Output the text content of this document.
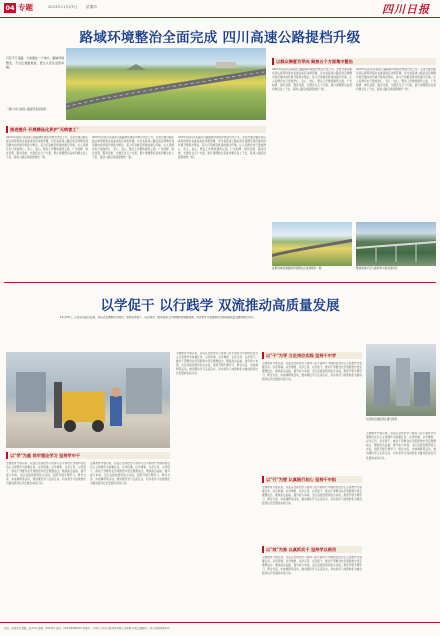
04 专题	2023年11月23日 星期四	四川日报
路域环境整治全面完成 四川高速公路提档升级
只有千万条路，才能通往一个地方。路域环境整治，不仅让道路更美，更让人民生活更幸福。
（图片/四川高速公路建设集团供图）
以群众满意为导向 聚焦五个方面集中整治
2023年是四川省高速公路路域环境集中整治攻坚之年。全省交通运输系统认真贯彻落实省委省政府决策部署，对全省高速公路沿线及两侧可视范围内的环境开展集中整治，着力打造畅安舒美的通行环境，让人民群众出行更加舒心、安心、放心。整治工作聚焦建筑立面、广告标牌、绿化景观、服务设施、交通安全五个方面，累计清理整治各类问题点位上千处，高速公路沿线面貌焕然一新。
2023年是四川省高速公路路域环境集中整治攻坚之年。全省交通运输系统认真贯彻落实省委省政府决策部署，对全省高速公路沿线及两侧可视范围内的环境开展集中整治，着力打造畅安舒美的通行环境，让人民群众出行更加舒心、安心、放心。整治工作聚焦建筑立面、广告标牌、绿化景观、服务设施、交通安全五个方面，累计清理整治各类问题点位上千处，高速公路沿线面貌焕然一新。
推进提升 开展精品化养护"无病害工"
2023年是四川省高速公路路域环境集中整治攻坚之年。全省交通运输系统认真贯彻落实省委省政府决策部署，对全省高速公路沿线及两侧可视范围内的环境开展集中整治，着力打造畅安舒美的通行环境，让人民群众出行更加舒心、安心、放心。整治工作聚焦建筑立面、广告标牌、绿化景观、服务设施、交通安全五个方面，累计清理整治各类问题点位上千处，高速公路沿线面貌焕然一新。
2023年是四川省高速公路路域环境集中整治攻坚之年。全省交通运输系统认真贯彻落实省委省政府决策部署，对全省高速公路沿线及两侧可视范围内的环境开展集中整治，着力打造畅安舒美的通行环境，让人民群众出行更加舒心、安心、放心。整治工作聚焦建筑立面、广告标牌、绿化景观、服务设施、交通安全五个方面，累计清理整治各类问题点位上千处，高速公路沿线面貌焕然一新。
2023年是四川省高速公路路域环境集中整治攻坚之年。全省交通运输系统认真贯彻落实省委省政府决策部署，对全省高速公路沿线及两侧可视范围内的环境开展集中整治，着力打造畅安舒美的通行环境，让人民群众出行更加舒心、安心、放心。整治工作聚焦建筑立面、广告标牌、绿化景观、服务设施、交通安全五个方面，累计清理整治各类问题点位上千处，高速公路沿线面貌焕然一新。
成都绕城高速路域环境整治后景观焕然一新。	雅康高速泸定大渡河特大桥沿线风光
以学促干 以行践学 双流推动高质量发展
11月23日，记者从双流区获悉，该区以主题教育为契机，坚持以学促干、以行践学，推动各项工作取得新进展新成效，切实把学习成果转化为推动高质量发展的强大动力。
以"学"为基 筑牢理论学习 坚持学中干
主题教育开展以来，双流区坚持把学习贯彻习近平新时代中国特色社会主义思想作为首要任务，以学铸魂、以学增智、以学正风、以学促干，推动干部群众在学思践悟中坚定理想信念、锤炼政治品格、提升能力本领。全区各级党组织结合实际，组织开展专题学习、研讨交流、实地调研等活动，推动理论学习走深走实，切实将学习成果转化为推动经济社会发展的实际行动。
主题教育开展以来，双流区坚持把学习贯彻习近平新时代中国特色社会主义思想作为首要任务，以学铸魂、以学增智、以学正风、以学促干，推动干部群众在学思践悟中坚定理想信念、锤炼政治品格、提升能力本领。全区各级党组织结合实际，组织开展专题学习、研讨交流、实地调研等活动，推动理论学习走深走实，切实将学习成果转化为推动经济社会发展的实际行动。
主题教育开展以来，双流区坚持把学习贯彻习近平新时代中国特色社会主义思想作为首要任务，以学铸魂、以学增智、以学正风、以学促干，推动干部群众在学思践悟中坚定理想信念、锤炼政治品格、提升能力本领。全区各级党组织结合实际，组织开展专题学习、研讨交流、实地调研等活动，推动理论学习走深走实，切实将学习成果转化为推动经济社会发展的实际行动。
以"干"为导 立足岗位实践 坚持干中学
主题教育开展以来，双流区坚持把学习贯彻习近平新时代中国特色社会主义思想作为首要任务，以学铸魂、以学增智、以学正风、以学促干，推动干部群众在学思践悟中坚定理想信念、锤炼政治品格、提升能力本领。全区各级党组织结合实际，组织开展专题学习、研讨交流、实地调研等活动，推动理论学习走深走实，切实将学习成果转化为推动经济社会发展的实际行动。
以"行"为要 认真践行初心 坚持干中担
主题教育开展以来，双流区坚持把学习贯彻习近平新时代中国特色社会主义思想作为首要任务，以学铸魂、以学增智、以学正风、以学促干，推动干部群众在学思践悟中坚定理想信念、锤炼政治品格、提升能力本领。全区各级党组织结合实际，组织开展专题学习、研讨交流、实地调研等活动，推动理论学习走深走实，切实将学习成果转化为推动经济社会发展的实际行动。
以"效"为准 以真抓实干 坚持学以致用
主题教育开展以来，双流区坚持把学习贯彻习近平新时代中国特色社会主义思想作为首要任务，以学铸魂、以学增智、以学正风、以学促干，推动干部群众在学思践悟中坚定理想信念、锤炼政治品格、提升能力本领。全区各级党组织结合实际，组织开展专题学习、研讨交流、实地调研等活动，推动理论学习走深走实，切实将学习成果转化为推动经济社会发展的实际行动。
双流航空港经济区建设现场
主题教育开展以来，双流区坚持把学习贯彻习近平新时代中国特色社会主义思想作为首要任务，以学铸魂、以学增智、以学正风、以学促干，推动干部群众在学思践悟中坚定理想信念、锤炼政治品格、提升能力本领。全区各级党组织结合实际，组织开展专题学习、研讨交流、实地调研等活动，推动理论学习走深走实，切实将学习成果转化为推动经济社会发展的实际行动。
地址：成都市红星路二段70号 邮编：610012 电话：028-86968000 零售价：1.00元 四川日报印务有限公司印刷 本报法律顾问：四川某律师事务所
